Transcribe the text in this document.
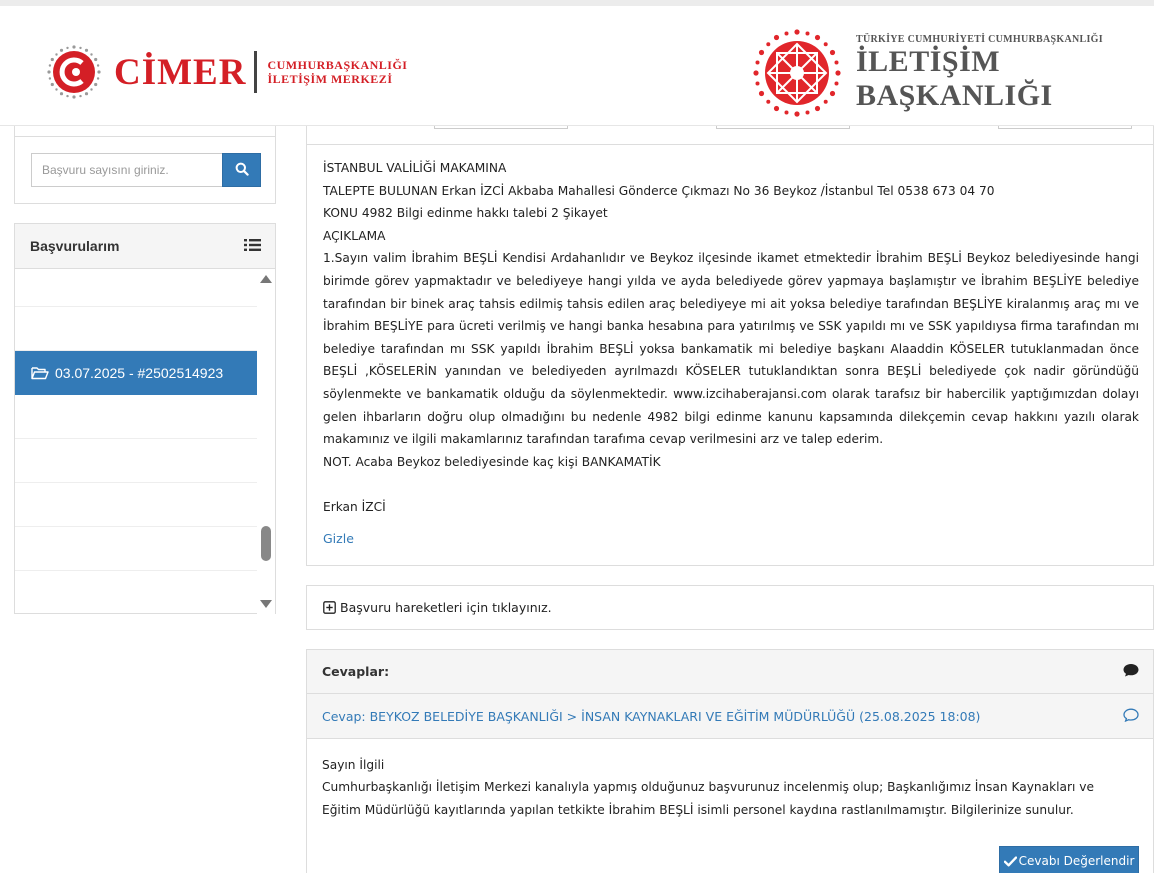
CİMER CUMHURBAŞKANLIĞI
İLETİŞİM MERKEZİ
TÜRKİYE CUMHURİYETİ CUMHURBAŞKANLIĞI
İLETİŞİM BAŞKANLIĞI
Başvuru sayısını giriniz.
Başvurularım
03.07.2025 - #2502514923

İSTANBUL VALİLİĞİ MAKAMINA

TALEPTE BULUNAN Erkan İZCİ Akbaba Mahallesi Gönderce Çıkmazı No 36 Beykoz /İstanbul Tel 0538 673 04 70

KONU 4982 Bilgi edinme hakkı talebi 2 Şikayet

AÇIKLAMA

1.Sayın valim İbrahim BEŞLİ Kendisi Ardahanlıdır ve Beykoz ilçesinde ikamet etmektedir İbrahim BEŞLİ Beykoz belediyesinde hangi birimde görev yapmaktadır ve belediyeye hangi yılda ve ayda belediyede görev yapmaya başlamıştır ve İbrahim BEŞLİYE belediye tarafından bir binek araç tahsis edilmiş tahsis edilen araç belediyeye mi ait yoksa belediye tarafından BEŞLİYE kiralanmış araç mı ve İbrahim BEŞLİYE para ücreti verilmiş ve hangi banka hesabına para yatırılmış ve SSK yapıldı mı ve SSK yapıldıysa firma tarafından mı belediye tarafından mı SSK yapıldı İbrahim BEŞLİ yoksa bankamatik mi belediye başkanı Alaaddin KÖSELER tutuklanmadan önce BEŞLİ ,KÖSELERİN yanından ve belediyeden ayrılmazdı KÖSELER tutuklandıktan sonra BEŞLİ belediyede çok nadir göründüğü söylenmekte ve bankamatik olduğu da söylenmektedir. www.izcihaberajansi.com olarak tarafsız bir habercilik yaptığımızdan dolayı gelen ihbarların doğru olup olmadığını bu nedenle 4982 bilgi edinme kanunu kapsamında dilekçemin cevap hakkını yazılı olarak makamınız ve ilgili makamlarınız tarafından tarafıma cevap verilmesini arz ve talep ederim.

NOT. Acaba Beykoz belediyesinde kaç kişi BANKAMATİK

Erkan İZCİ

Gizle
Başvuru hareketleri için tıklayınız.
Cevaplar:
Cevap: BEYKOZ BELEDİYE BAŞKANLIĞI > İNSAN KAYNAKLARI VE EĞİTİM MÜDÜRLÜĞÜ (25.08.2025 18:08)

Sayın İlgili

Cumhurbaşkanlığı İletişim Merkezi kanalıyla yapmış olduğunuz başvurunuz incelenmiş olup; Başkanlığımız İnsan Kaynakları ve Eğitim Müdürlüğü kayıtlarında yapılan tetkikte İbrahim BEŞLİ isimli personel kaydına rastlanılmamıştır. Bilgilerinize sunulur.

Cevabı Değerlendir
